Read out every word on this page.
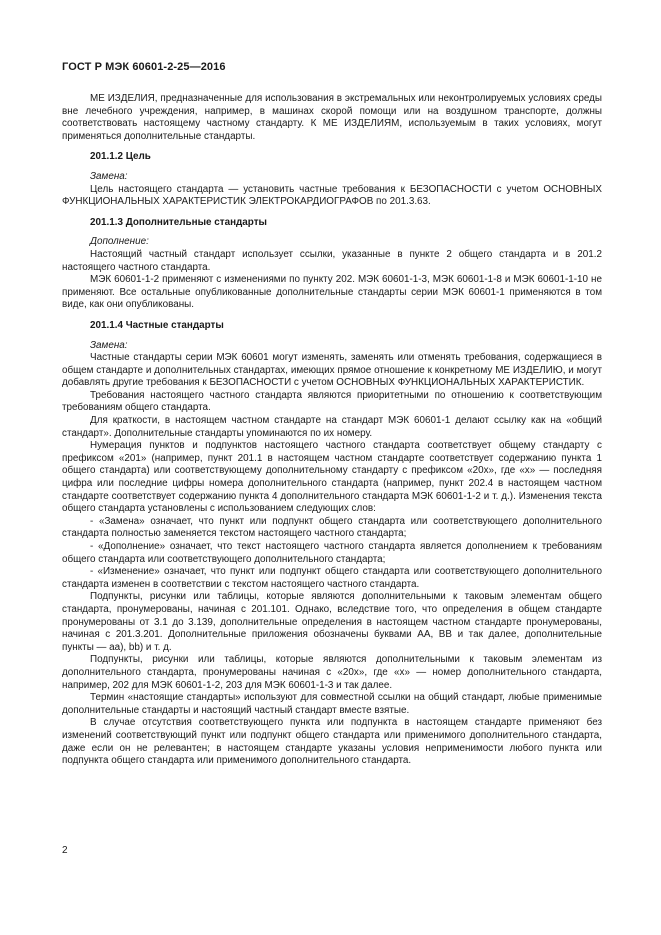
ГОСТ Р МЭК 60601-2-25—2016

МЕ ИЗДЕЛИЯ, предназначенные для использования в экстремальных или неконтролируемых условиях среды вне лечебного учреждения, например, в машинах скорой помощи или на воздушном транспорте, должны соответствовать настоящему частному стандарту. К МЕ ИЗДЕЛИЯМ, используемым в таких условиях, могут применяться дополнительные стандарты.

201.1.2 Цель

Замена:

Цель настоящего стандарта — установить частные требования к БЕЗОПАСНОСТИ с учетом ОСНОВНЫХ ФУНКЦИОНАЛЬНЫХ ХАРАКТЕРИСТИК ЭЛЕКТРОКАРДИОГРАФОВ по 201.3.63.

201.1.3 Дополнительные стандарты

Дополнение:

Настоящий частный стандарт использует ссылки, указанные в пункте 2 общего стандарта и в 201.2 настоящего частного стандарта.

МЭК 60601-1-2 применяют с изменениями по пункту 202. МЭК 60601-1-3, МЭК 60601-1-8 и МЭК 60601-1-10 не применяют. Все остальные опубликованные дополнительные стандарты серии МЭК 60601-1 применяются в том виде, как они опубликованы.

201.1.4 Частные стандарты

Замена:

Частные стандарты серии МЭК 60601 могут изменять, заменять или отменять требования, содержащиеся в общем стандарте и дополнительных стандартах, имеющих прямое отношение к конкретному МЕ ИЗДЕЛИЮ, и могут добавлять другие требования к БЕЗОПАСНОСТИ с учетом ОСНОВНЫХ ФУНКЦИОНАЛЬНЫХ ХАРАКТЕРИСТИК.

Требования настоящего частного стандарта являются приоритетными по отношению к соответствующим требованиям общего стандарта.

Для краткости, в настоящем частном стандарте на стандарт МЭК 60601-1 делают ссылку как на «общий стандарт». Дополнительные стандарты упоминаются по их номеру.

Нумерация пунктов и подпунктов настоящего частного стандарта соответствует общему стандарту с префиксом «201» (например, пункт 201.1 в настоящем частном стандарте соответствует содержанию пункта 1 общего стандарта) или соответствующему дополнительному стандарту с префиксом «20x», где «x» — последняя цифра или последние цифры номера дополнительного стандарта (например, пункт 202.4 в настоящем частном стандарте соответствует содержанию пункта 4 дополнительного стандарта МЭК 60601-1-2 и т. д.). Изменения текста общего стандарта установлены с использованием следующих слов:

- «Замена» означает, что пункт или подпункт общего стандарта или соответствующего дополнительного стандарта полностью заменяется текстом настоящего частного стандарта;

- «Дополнение» означает, что текст настоящего частного стандарта является дополнением к требованиям общего стандарта или соответствующего дополнительного стандарта;

- «Изменение» означает, что пункт или подпункт общего стандарта или соответствующего дополнительного стандарта изменен в соответствии с текстом настоящего частного стандарта.

Подпункты, рисунки или таблицы, которые являются дополнительными к таковым элементам общего стандарта, пронумерованы, начиная с 201.101. Однако, вследствие того, что определения в общем стандарте пронумерованы от 3.1 до 3.139, дополнительные определения в настоящем частном стандарте пронумерованы, начиная с 201.3.201. Дополнительные приложения обозначены буквами АА, ВВ и так далее, дополнительные пункты — аа), bb) и т. д.

Подпункты, рисунки или таблицы, которые являются дополнительными к таковым элементам из дополнительного стандарта, пронумерованы начиная с «20x», где «x» — номер дополнительного стандарта, например, 202 для МЭК 60601-1-2, 203 для МЭК 60601-1-3 и так далее.

Термин «настоящие стандарты» используют для совместной ссылки на общий стандарт, любые применимые дополнительные стандарты и настоящий частный стандарт вместе взятые.

В случае отсутствия соответствующего пункта или подпункта в настоящем стандарте применяют без изменений соответствующий пункт или подпункт общего стандарта или применимого дополнительного стандарта, даже если он не релевантен; в настоящем стандарте указаны условия неприменимости любого пункта или подпункта общего стандарта или применимого дополнительного стандарта.

2
